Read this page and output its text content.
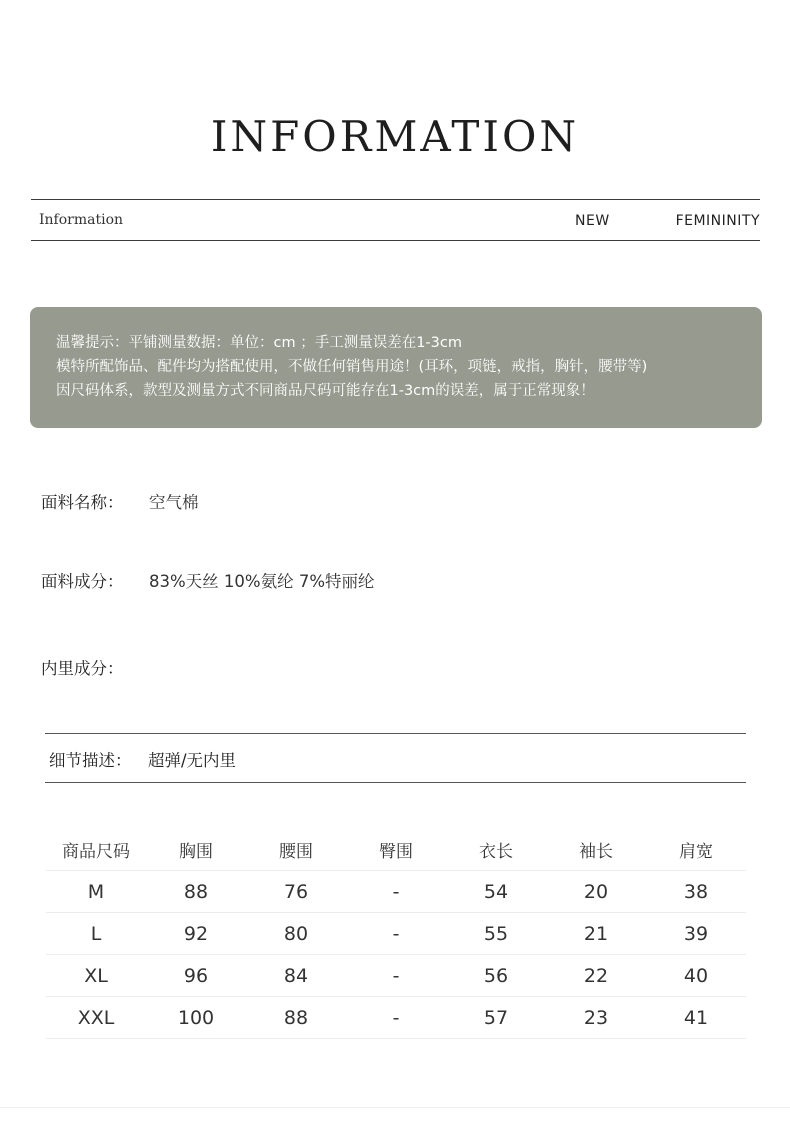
INFORMATION
Information	NEW	FEMININITY
温馨提示：平铺测量数据：单位：cm ；手工测量误差在1-3cm
模特所配饰品、配件均为搭配使用，不做任何销售用途！(耳环，项链，戒指，胸针，腰带等)
因尺码体系，款型及测量方式不同商品尺码可能存在1-3cm的误差，属于正常现象！
面料名称： 空气棉
面料成分： 83%天丝 10%氨纶 7%特丽纶
内里成分：
细节描述： 超弹/无内里
商品尺码	胸围	腰围	臀围	衣长	袖长	肩宽
M	88	76	-	54	20	38
L	92	80	-	55	21	39
XL	96	84	-	56	22	40
XXL	100	88	-	57	23	41
